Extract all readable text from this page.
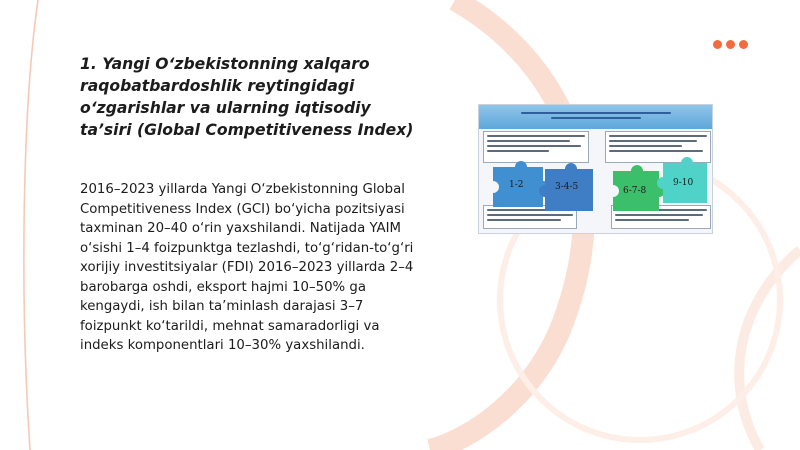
1. Yangi O‘zbekistonning xalqaro raqobatbardoshlik reytingidagi o‘zgarishlar va ularning iqtisodiy ta’siri (Global Competitiveness Index)

2016–2023 yillarda Yangi O‘zbekistonning Global Competitiveness Index (GCI) bo‘yicha pozitsiyasi taxminan 20–40 o‘rin yaxshilandi. Natijada YAIM o‘sishi 1–4 foizpunktga tezlashdi, to‘g‘ridan-to‘g‘ri xorijiy investitsiyalar (FDI) 2016–2023 yillarda 2–4 barobarga oshdi, eksport hajmi 10–50% ga kengaydi, ish bilan ta’minlash darajasi 3–7 foizpunkt ko‘tarildi, mehnat samaradorligi va indeks komponentlari 10–30% yaxshilandi.

1-2	3-4-5	6-7-8
9-10
